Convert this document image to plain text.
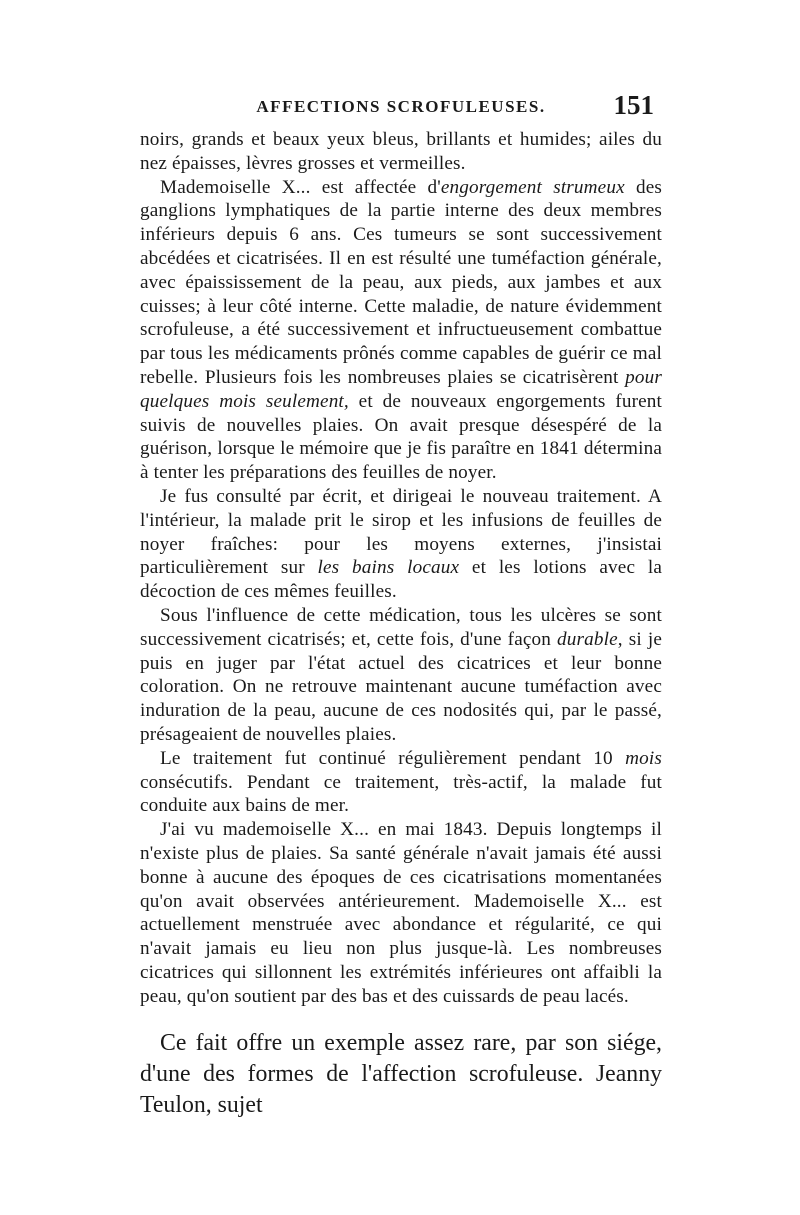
AFFECTIONS SCROFULEUSES.	151

noirs, grands et beaux yeux bleus, brillants et humides; ailes du nez épaisses, lèvres grosses et vermeilles.

Mademoiselle X... est affectée d'engorgement strumeux des ganglions lymphatiques de la partie interne des deux membres inférieurs depuis 6 ans. Ces tumeurs se sont successivement abcédées et cicatrisées. Il en est résulté une tuméfaction générale, avec épaississement de la peau, aux pieds, aux jambes et aux cuisses; à leur côté interne. Cette maladie, de nature évidemment scrofuleuse, a été successivement et infructueusement combattue par tous les médicaments prônés comme capables de guérir ce mal rebelle. Plusieurs fois les nombreuses plaies se cicatrisèrent pour quelques mois seulement, et de nouveaux engorgements furent suivis de nouvelles plaies. On avait presque désespéré de la guérison, lorsque le mémoire que je fis paraître en 1841 détermina à tenter les préparations des feuilles de noyer.

Je fus consulté par écrit, et dirigeai le nouveau traitement. A l'intérieur, la malade prit le sirop et les infusions de feuilles de noyer fraîches: pour les moyens externes, j'insistai particulièrement sur les bains locaux et les lotions avec la décoction de ces mêmes feuilles.

Sous l'influence de cette médication, tous les ulcères se sont successivement cicatrisés; et, cette fois, d'une façon durable, si je puis en juger par l'état actuel des cicatrices et leur bonne coloration. On ne retrouve maintenant aucune tuméfaction avec induration de la peau, aucune de ces nodosités qui, par le passé, présageaient de nouvelles plaies.

Le traitement fut continué régulièrement pendant 10 mois consécutifs. Pendant ce traitement, très-actif, la malade fut conduite aux bains de mer.

J'ai vu mademoiselle X... en mai 1843. Depuis longtemps il n'existe plus de plaies. Sa santé générale n'avait jamais été aussi bonne à aucune des époques de ces cicatrisations momentanées qu'on avait observées antérieurement. Mademoiselle X... est actuellement menstruée avec abondance et régularité, ce qui n'avait jamais eu lieu non plus jusque-là. Les nombreuses cicatrices qui sillonnent les extrémités inférieures ont affaibli la peau, qu'on soutient par des bas et des cuissards de peau lacés.

Ce fait offre un exemple assez rare, par son siége, d'une des formes de l'affection scrofuleuse. Jeanny Teulon, sujet
